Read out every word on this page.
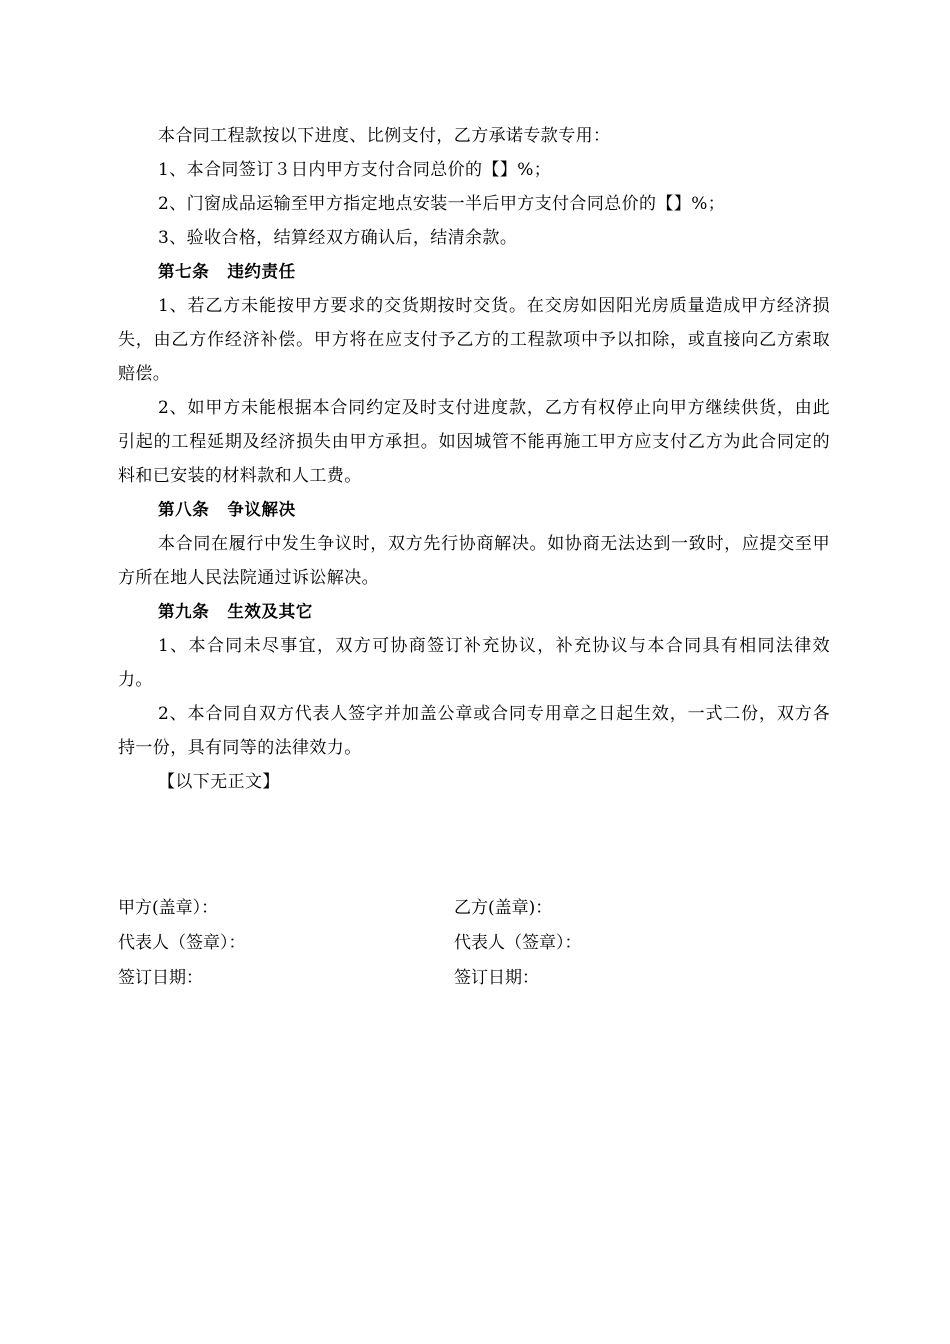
本合同工程款按以下进度、比例支付，乙方承诺专款专用：

1、本合同签订３日内甲方支付合同总价的【】%；

2、门窗成品运输至甲方指定地点安装一半后甲方支付合同总价的【】%；

3、验收合格，结算经双方确认后，结清余款。

第七条 违约责任

1、若乙方未能按甲方要求的交货期按时交货。在交房如因阳光房质量造成甲方经济损失，由乙方作经济补偿。甲方将在应支付予乙方的工程款项中予以扣除，或直接向乙方索取赔偿。

2、如甲方未能根据本合同约定及时支付进度款，乙方有权停止向甲方继续供货，由此引起的工程延期及经济损失由甲方承担。如因城管不能再施工甲方应支付乙方为此合同定的料和已安装的材料款和人工费。

第八条 争议解决

本合同在履行中发生争议时，双方先行协商解决。如协商无法达到一致时，应提交至甲方所在地人民法院通过诉讼解决。

第九条 生效及其它

1、本合同未尽事宜，双方可协商签订补充协议，补充协议与本合同具有相同法律效力。

2、本合同自双方代表人签字并加盖公章或合同专用章之日起生效，一式二份，双方各持一份，具有同等的法律效力。

【以下无正文】

甲方(盖章）：	乙方(盖章)：
代表人（签章）：	代表人（签章）：
签订日期：	签订日期：
